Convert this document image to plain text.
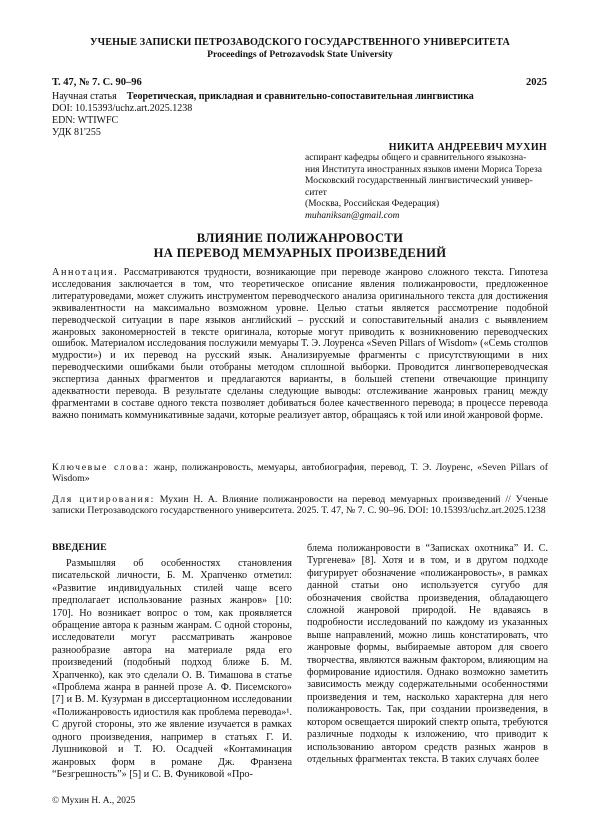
УЧЕНЫЕ ЗАПИСКИ ПЕТРОЗАВОДСКОГО ГОСУДАРСТВЕННОГО УНИВЕРСИТЕТА
Proceedings of Petrozavodsk State University
Т. 47, № 7. С. 90–96	2025
Научная статья Теоретическая, прикладная и сравнительно-сопоставительная лингвистика
DOI: 10.15393/uchz.art.2025.1238
EDN: WTIWFC
УДК 81'255
НИКИТА АНДРЕЕВИЧ МУХИН
аспирант кафедры общего и сравнительного языкозна-
ния Института иностранных языков имени Мориса Тореза
Московский государственный лингвистический универ-
ситет
(Москва, Российская Федерация)
muhaniksan@gmail.com
ВЛИЯНИЕ ПОЛИЖАНРОВОСТИ
НА ПЕРЕВОД МЕМУАРНЫХ ПРОИЗВЕДЕНИЙ
Аннотация. Рассматриваются трудности, возникающие при переводе жанрово сложного текста. Гипотеза исследования заключается в том, что теоретическое описание явления полижанровости, предложенное литературоведами, может служить инструментом переводческого анализа оригинального текста для достижения эквивалентности на максимально возможном уровне. Целью статьи является рассмотрение подобной переводческой ситуации в паре языков английский – русский и сопоставительный анализ с выявлением жанровых закономерностей в тексте оригинала, которые могут приводить к возникновению переводческих ошибок. Материалом исследования послужили мемуары Т. Э. Лоуренса «Seven Pillars of Wisdom» («Семь столпов мудрости») и их перевод на русский язык. Анализируемые фрагменты с присутствующими в них переводческими ошибками были отобраны методом сплошной выборки. Проводится лингвопереводческая экспертиза данных фрагментов и предлагаются варианты, в большей степени отвечающие принципу адекватности перевода. В результате сделаны следующие выводы: отслеживание жанровых границ между фрагментами в составе одного текста позволяет добиваться более качественного перевода; в процессе перевода важно понимать коммуникативные задачи, которые реализует автор, обращаясь к той или иной жанровой форме.
Ключевые слова: жанр, полижанровость, мемуары, автобиография, перевод, Т. Э. Лоуренс, «Seven Pillars of Wisdom»
Для цитирования: Мухин Н. А. Влияние полижанровости на перевод мемуарных произведений // Ученые записки Петрозаводского государственного университета. 2025. Т. 47, № 7. С. 90–96. DOI: 10.15393/uchz.art.2025.1238
ВВЕДЕНИЕ
Размышляя об особенностях становления писательской личности, Б. М. Храпченко отметил: «Развитие индивидуальных стилей чаще всего предполагает использование разных жанров» [10: 170]. Но возникает вопрос о том, как проявляется обращение автора к разным жанрам. С одной стороны, исследователи могут рассматривать жанровое разнообразие автора на материале ряда его произведений (подобный подход ближе Б. М. Храпченко), как это сделали О. В. Тимашова в статье «Проблема жанра в ранней прозе А. Ф. Писемского» [7] и В. М. Кузурман в диссертационном исследовании «Полижанровость идиостиля как проблема перевода»¹. С другой стороны, это же явление изучается в рамках одного произведения, например в статьях Г. И. Лушниковой и Т. Ю. Осадчей «Контаминация жанровых форм в романе Дж. Франзена “Безгрешность”» [5] и С. В. Фуниковой «Про-
блема полижанровости в “Записках охотника” И. С. Тургенева» [8]. Хотя и в том, и в другом подходе фигурирует обозначение «полижанровость», в рамках данной статьи оно используется сугубо для обозначения свойства произведения, обладающего сложной жанровой природой. Не вдаваясь в подробности исследований по каждому из указанных выше направлений, можно лишь констатировать, что жанровые формы, выбираемые автором для своего творчества, являются важным фактором, влияющим на формирование идиостиля. Однако возможно заметить зависимость между содержательными особенностями произведения и тем, насколько характерна для него полижанровость. Так, при создании произведения, в котором освещается широкий спектр опыта, требуются различные подходы к изложению, что приводит к использованию автором средств разных жанров в отдельных фрагментах текста. В таких случаях более
© Мухин Н. А., 2025
